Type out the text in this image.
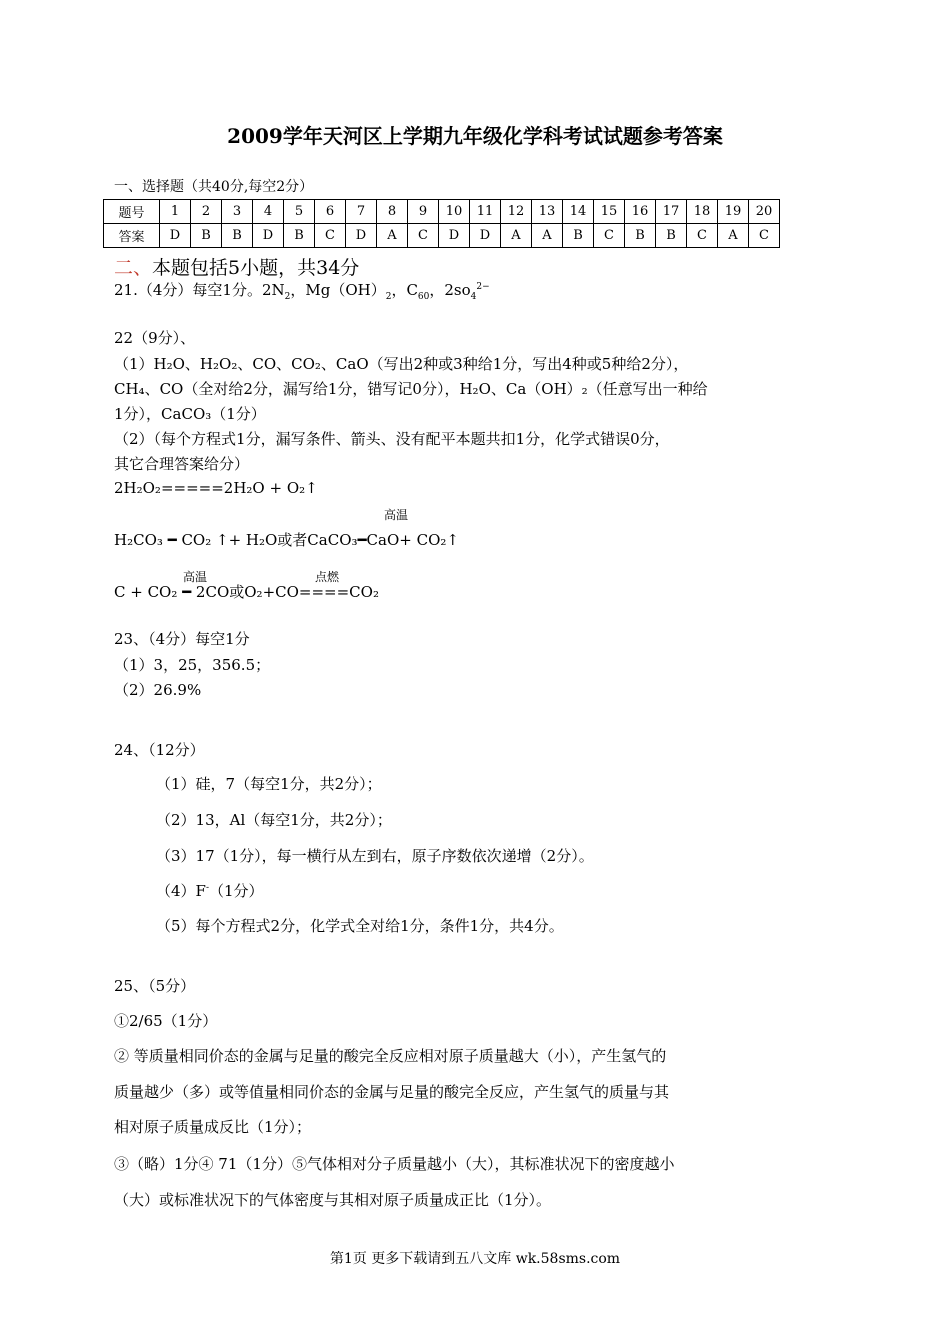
2009学年天河区上学期九年级化学科考试试题参考答案
一、选择题（共40分,每空2分）
题号	1	2	3	4	5	6	7	8	9	10	11	12	13	14	15	16	17	18	19	20
答案	D	B	B	D	B	C	D	A	C	D	D	A	A	B	C	B	B	C	A	C
二、本题包括5小题，共34分
21.（4分）每空1分。$2N_2$，$Mg(OH)_2$，$C_{60}$，$2so_4^{2-}$
22（9分）、
（1）H₂O、H₂O₂、CO、CO₂、CaO（写出2种或3种给1分，写出4种或5种给2分），
CH₄、CO（全对给2分，漏写给1分，错写记0分），H₂O、Ca（OH）₂（任意写出一种给
1分），CaCO₃（1分）
（2）（每个方程式1分，漏写条件、箭头、没有配平本题共扣1分，化学式错误0分，
其它合理答案给分）
2H₂O₂=====2H₂O + O₂↑
高温
H₂CO₃ ━ CO₂ ↑+ H₂O或者CaCO₃━CaO+ CO₂↑
高温	点燃
C + CO₂ ━ 2CO或O₂+CO====CO₂
23、（4分）每空1分
（1）3，25，356.5；
（2）26.9%
24、（12分）
（1）硅，7（每空1分，共2分）；
（2）13，Al（每空1分，共2分）；
（3）17（1分），每一横行从左到右，原子序数依次递增（2分）。
（4）F-（1分）
（5）每个方程式2分，化学式全对给1分，条件1分，共4分。
25、（5分）
①2/65（1分）
② 等质量相同价态的金属与足量的酸完全反应相对原子质量越大（小），产生氢气的
质量越少（多）或等值量相同价态的金属与足量的酸完全反应，产生氢气的质量与其
相对原子质量成反比（1分）；
③（略）1分④ 71（1分）⑤气体相对分子质量越小（大），其标准状况下的密度越小
（大）或标准状况下的气体密度与其相对原子质量成正比（1分）。
第1页 更多下载请到五八文库 wk.58sms.com
